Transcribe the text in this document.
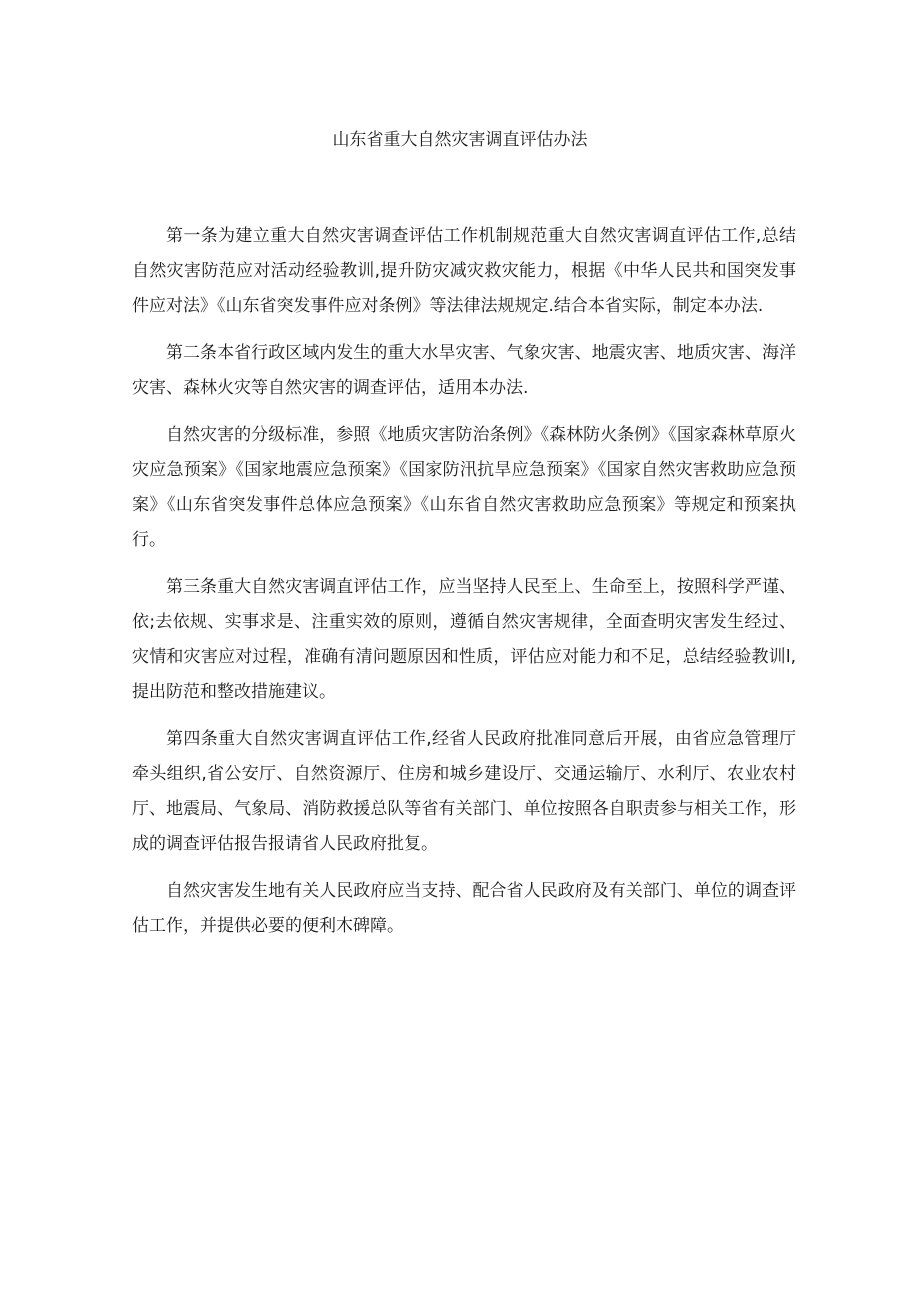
山东省重大自然灾害调直评估办法

第一条为建立重大自然灾害调查评估工作机制规范重大自然灾害调直评估工作,总结自然灾害防范应对活动经验教训,提升防灾减灾救灾能力，根据《中华人民共和国突发事件应对法》《山东省突发事件应对条例》等法律法规规定.结合本省实际，制定本办法.

第二条本省行政区域内发生的重大水旱灾害、气象灾害、地震灾害、地质灾害、海洋灾害、森林火灾等自然灾害的调查评估，适用本办法.

自然灾害的分级标准，参照《地质灾害防治条例》《森林防火条例》《国家森林草原火灾应急预案》《国家地震应急预案》《国家防汛抗旱应急预案》《国家自然灾害救助应急预案》《山东省突发事件总体应急预案》《山东省自然灾害救助应急预案》等规定和预案执行。

第三条重大自然灾害调直评估工作，应当坚持人民至上、生命至上，按照科学严谨、依;去依规、实事求是、注重实效的原则，遵循自然灾害规律，全面查明灾害发生经过、灾情和灾害应对过程，准确有清问题原因和性质，评估应对能力和不足，总结经验教训l,提出防范和整改措施建议。

第四条重大自然灾害调直评估工作,经省人民政府批准同意后开展，由省应急管理厅牵头组织,省公安厅、自然资源厅、住房和城乡建设厅、交通运输厅、水利厅、农业农村厅、地震局、气象局、消防救援总队等省有关部门、单位按照各自职责参与相关工作，形成的调查评估报告报请省人民政府批复。

自然灾害发生地有关人民政府应当支持、配合省人民政府及有关部门、单位的调查评估工作，并提供必要的便利木碑障。
